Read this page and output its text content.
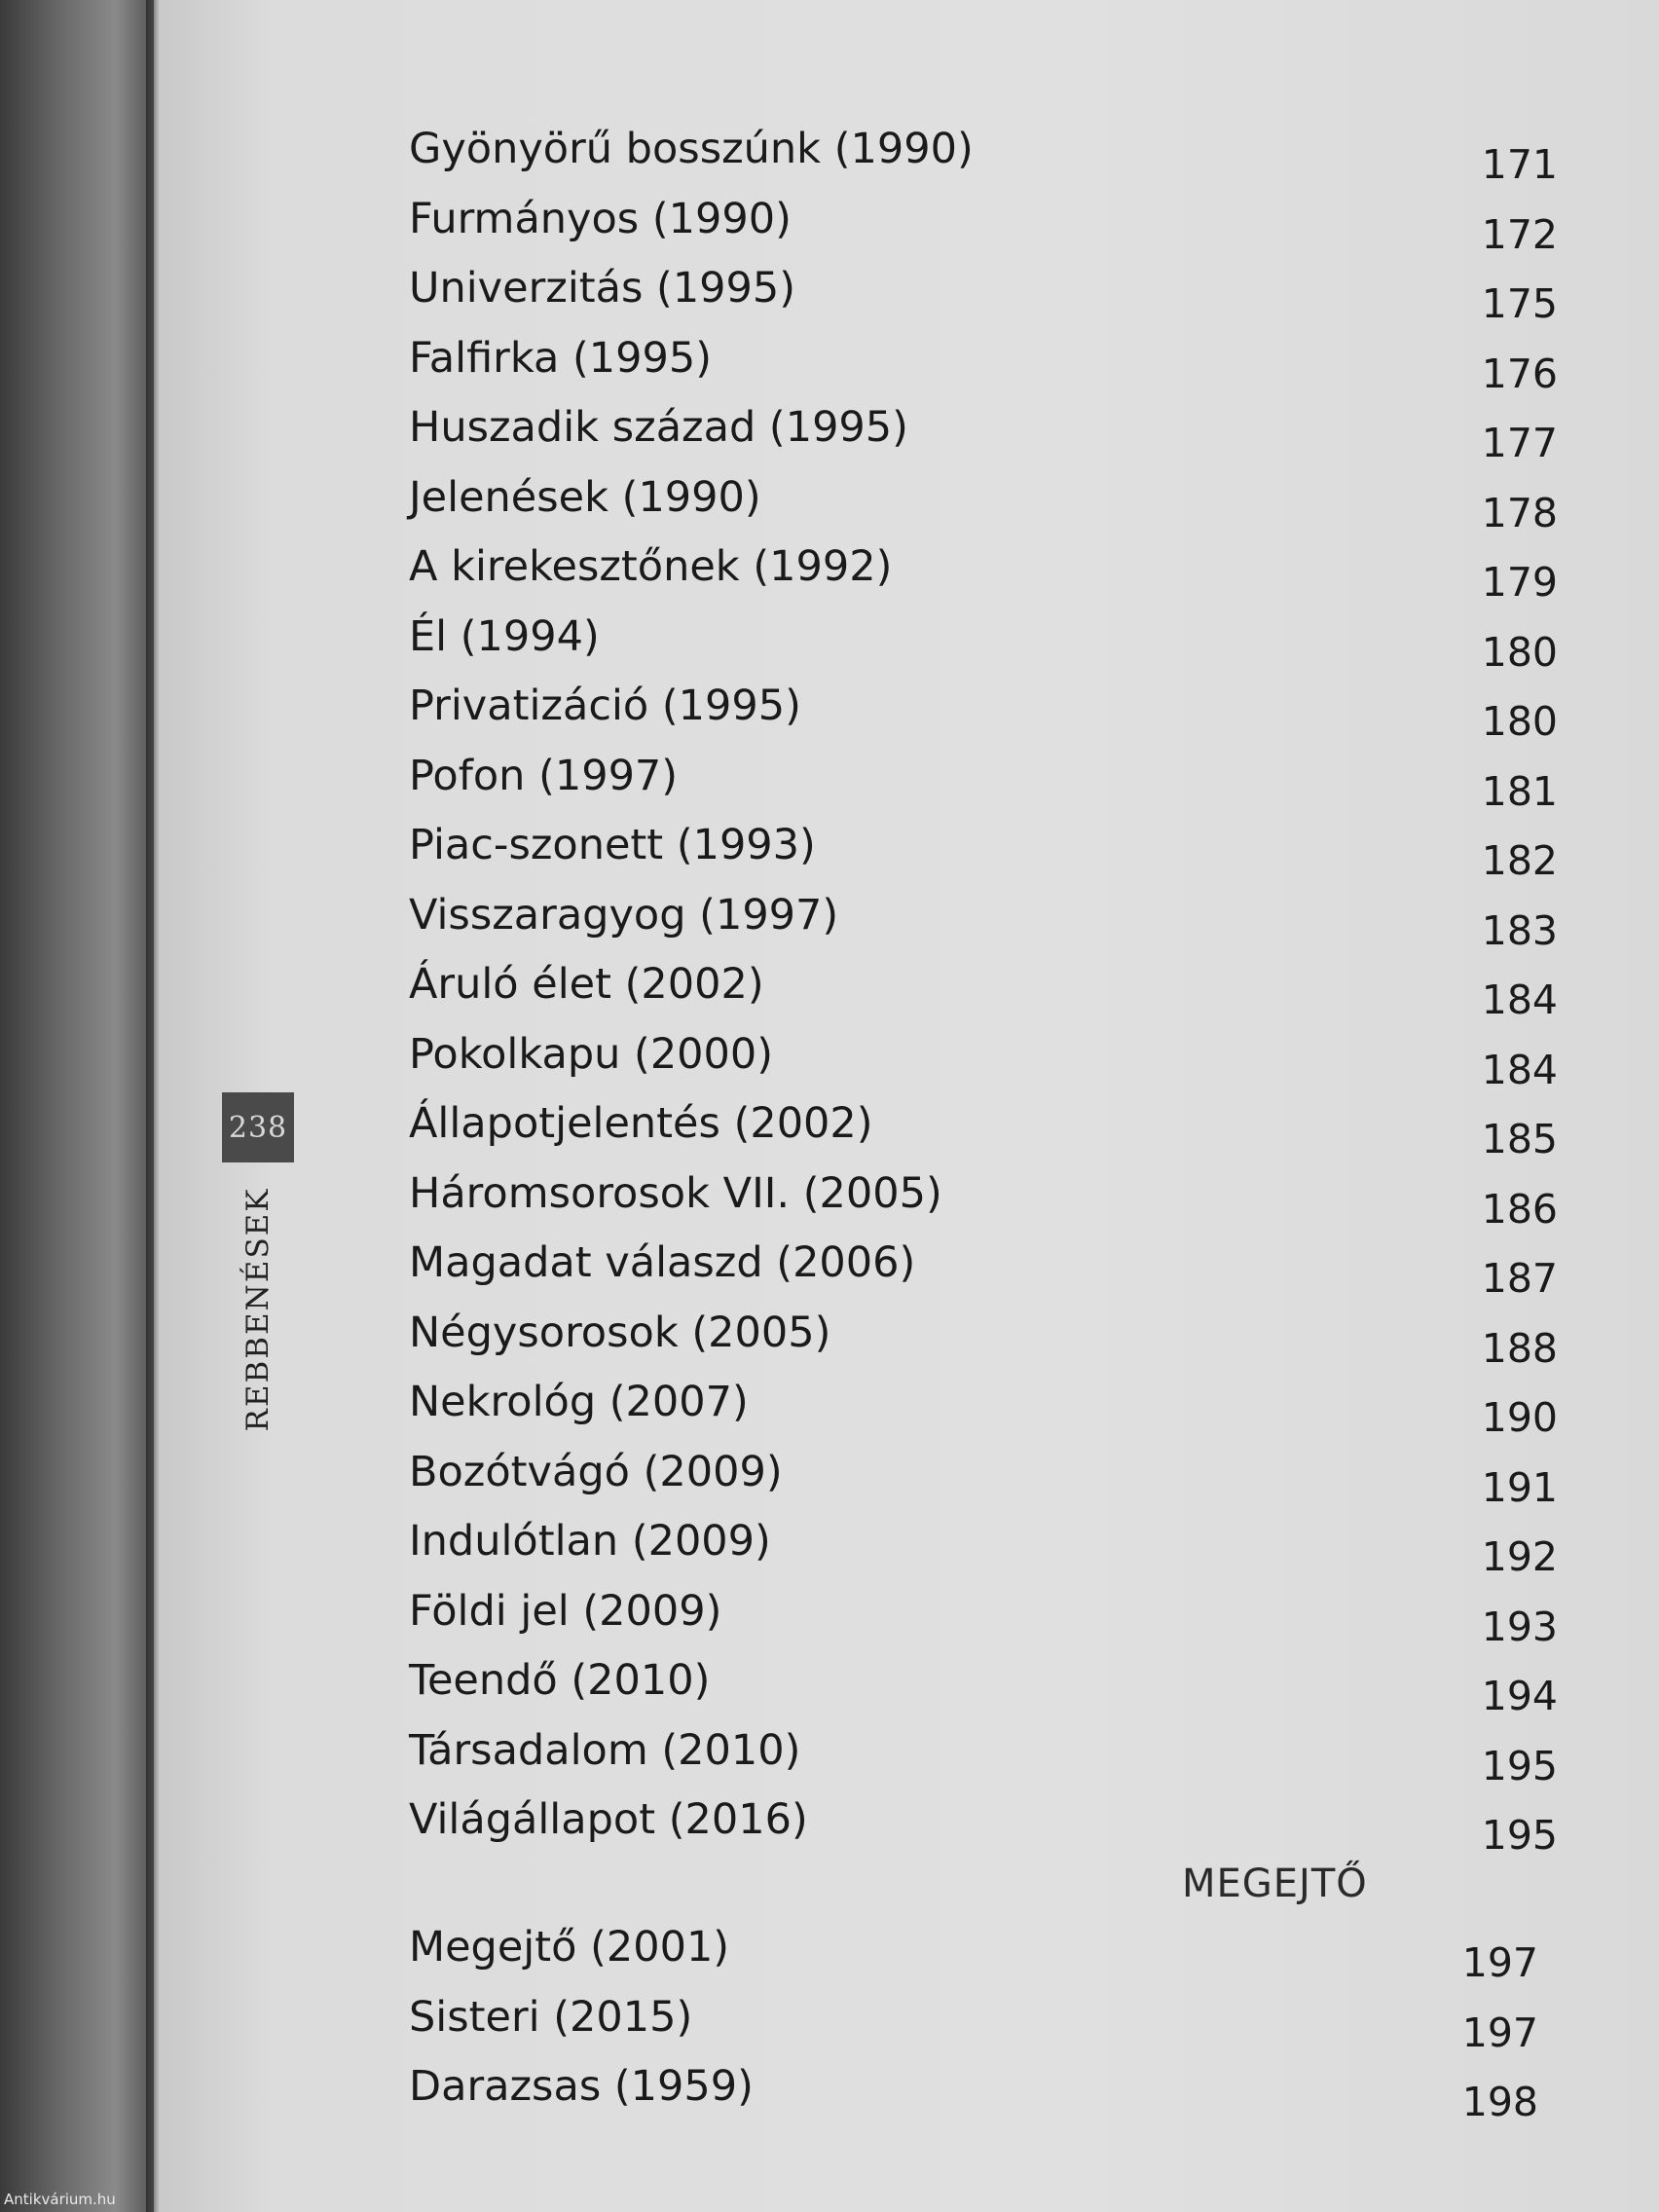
238
REBBENÉSEK
Gyönyörű bosszúnk (1990)	171
Furmányos (1990)	172
Univerzitás (1995)	175
Falfirka (1995)	176
Huszadik század (1995)	177
Jelenések (1990)	178
A kirekesztőnek (1992)	179
Él (1994)	180
Privatizáció (1995)	180
Pofon (1997)	181
Piac-szonett (1993)	182
Visszaragyog (1997)	183
Áruló élet (2002)	184
Pokolkapu (2000)	184
Állapotjelentés (2002)	185
Háromsorosok VII. (2005)	186
Magadat válaszd (2006)	187
Négysorosok (2005)	188
Nekrológ (2007)	190
Bozótvágó (2009)	191
Indulótlan (2009)	192
Földi jel (2009)	193
Teendő (2010)	194
Társadalom (2010)	195
Világállapot (2016)	195
MEGEJTŐ
Megejtő (2001)	197
Sisteri (2015)	197
Darazsas (1959)	198
Antikvárium.hu
